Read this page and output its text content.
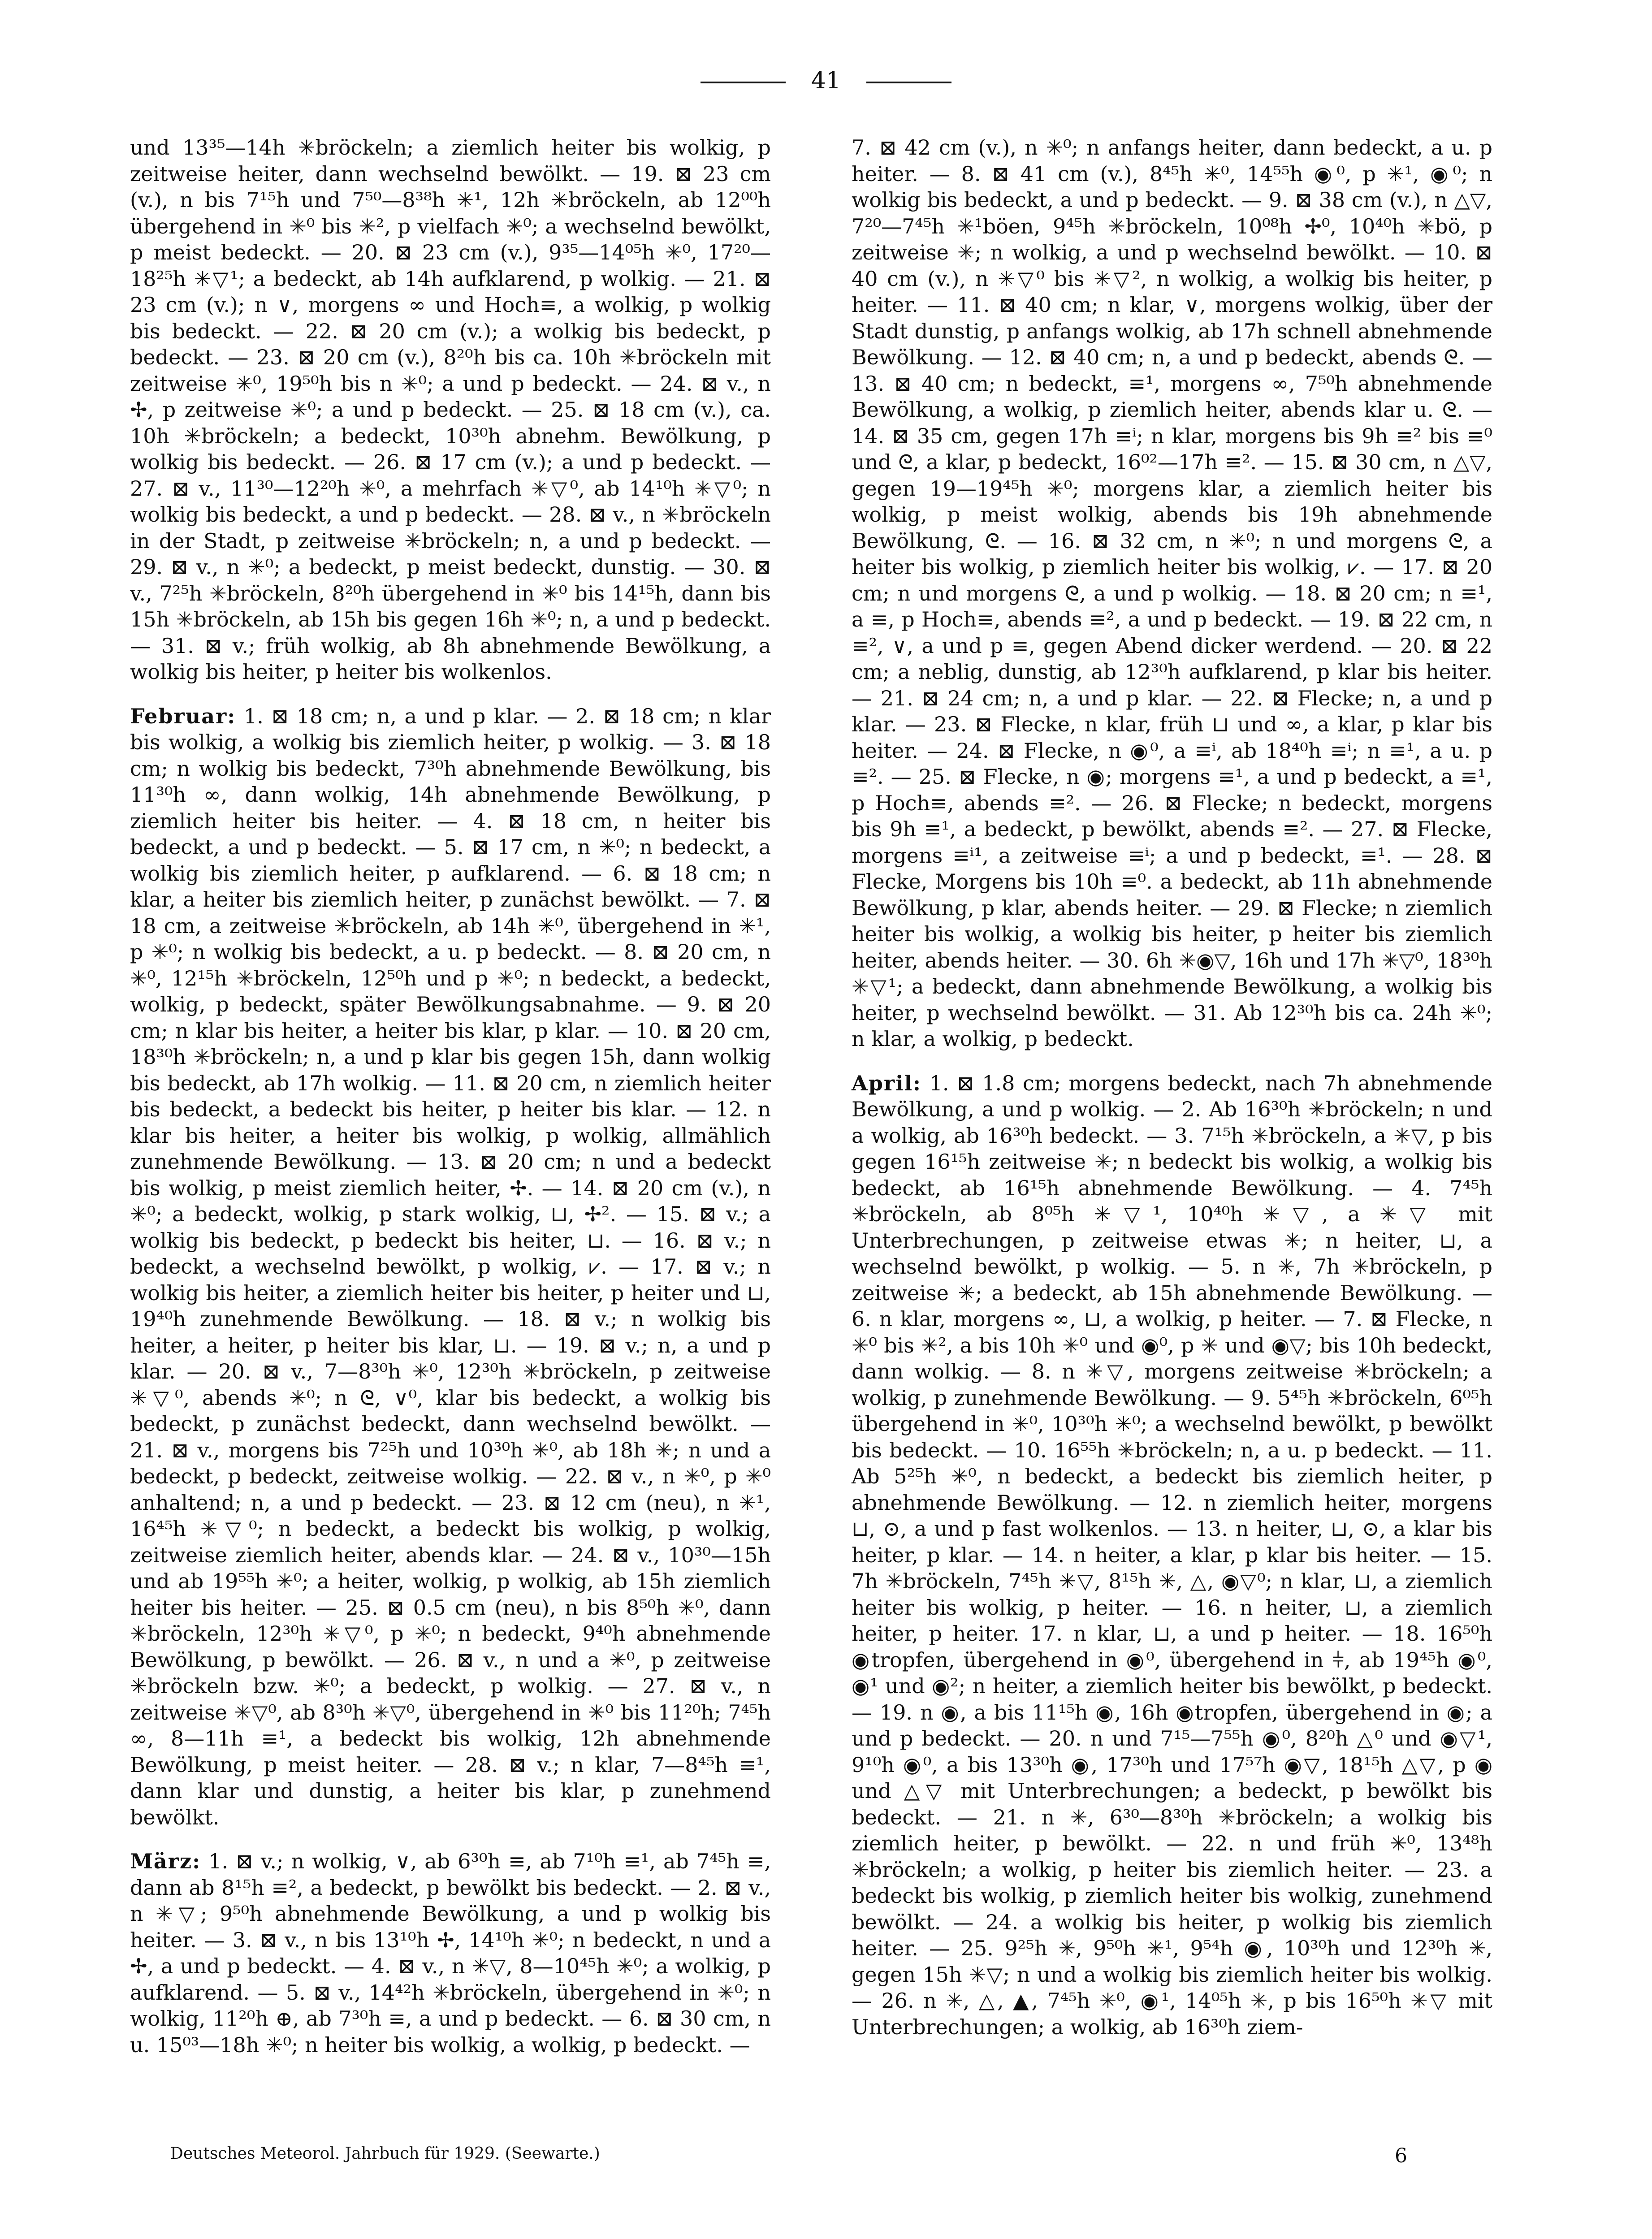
41

und 13³⁵—14h ✳︎bröckeln; a ziemlich heiter bis wolkig, p zeitweise heiter, dann wechselnd bewölkt. — 19. ⊠ 23 cm (v.), n bis 7¹⁵h und 7⁵⁰—8³⁸h ✳︎¹, 12h ✳︎bröckeln, ab 12⁰⁰h übergehend in ✳︎⁰ bis ✳︎², p vielfach ✳︎⁰; a wechselnd bewölkt, p meist bedeckt. — 20. ⊠ 23 cm (v.), 9³⁵—14⁰⁵h ✳︎⁰, 17²⁰—18²⁵h ✳︎▽¹; a bedeckt, ab 14h aufklarend, p wolkig. — 21. ⊠ 23 cm (v.); n ∨, morgens ∞ und Hoch≡, a wolkig, p wolkig bis bedeckt. — 22. ⊠ 20 cm (v.); a wolkig bis bedeckt, p bedeckt. — 23. ⊠ 20 cm (v.), 8²⁰h bis ca. 10h ✳︎bröckeln mit zeitweise ✳︎⁰, 19⁵⁰h bis n ✳︎⁰; a und p bedeckt. — 24. ⊠ v., n ✢, p zeitweise ✳︎⁰; a und p bedeckt. — 25. ⊠ 18 cm (v.), ca. 10h ✳︎bröckeln; a bedeckt, 10³⁰h abnehm. Bewölkung, p wolkig bis bedeckt. — 26. ⊠ 17 cm (v.); a und p bedeckt. — 27. ⊠ v., 11³⁰—12²⁰h ✳︎⁰, a mehrfach ✳︎▽⁰, ab 14¹⁰h ✳︎▽⁰; n wolkig bis bedeckt, a und p bedeckt. — 28. ⊠ v., n ✳︎bröckeln in der Stadt, p zeitweise ✳︎bröckeln; n, a und p bedeckt. — 29. ⊠ v., n ✳︎⁰; a bedeckt, p meist bedeckt, dunstig. — 30. ⊠ v., 7²⁵h ✳︎bröckeln, 8²⁰h übergehend in ✳︎⁰ bis 14¹⁵h, dann bis 15h ✳︎bröckeln, ab 15h bis gegen 16h ✳︎⁰; n, a und p bedeckt. — 31. ⊠ v.; früh wolkig, ab 8h abnehmende Bewölkung, a wolkig bis heiter, p heiter bis wolkenlos.

Februar: 1. ⊠ 18 cm; n, a und p klar. — 2. ⊠ 18 cm; n klar bis wolkig, a wolkig bis ziemlich heiter, p wolkig. — 3. ⊠ 18 cm; n wolkig bis bedeckt, 7³⁰h abnehmende Bewölkung, bis 11³⁰h ∞, dann wolkig, 14h abnehmende Bewölkung, p ziemlich heiter bis heiter. — 4. ⊠ 18 cm, n heiter bis bedeckt, a und p bedeckt. — 5. ⊠ 17 cm, n ✳︎⁰; n bedeckt, a wolkig bis ziemlich heiter, p aufklarend. — 6. ⊠ 18 cm; n klar, a heiter bis ziemlich heiter, p zunächst bewölkt. — 7. ⊠ 18 cm, a zeitweise ✳︎bröckeln, ab 14h ✳︎⁰, übergehend in ✳︎¹, p ✳︎⁰; n wolkig bis bedeckt, a u. p bedeckt. — 8. ⊠ 20 cm, n ✳︎⁰, 12¹⁵h ✳︎bröckeln, 12⁵⁰h und p ✳︎⁰; n bedeckt, a bedeckt, wolkig, p bedeckt, später Bewölkungsabnahme. — 9. ⊠ 20 cm; n klar bis heiter, a heiter bis klar, p klar. — 10. ⊠ 20 cm, 18³⁰h ✳︎bröckeln; n, a und p klar bis gegen 15h, dann wolkig bis bedeckt, ab 17h wolkig. — 11. ⊠ 20 cm, n ziemlich heiter bis bedeckt, a bedeckt bis heiter, p heiter bis klar. — 12. n klar bis heiter, a heiter bis wolkig, p wolkig, allmählich zunehmende Bewölkung. — 13. ⊠ 20 cm; n und a bedeckt bis wolkig, p meist ziemlich heiter, ✢. — 14. ⊠ 20 cm (v.), n ✳︎⁰; a bedeckt, wolkig, p stark wolkig, ⊔, ✢². — 15. ⊠ v.; a wolkig bis bedeckt, p bedeckt bis heiter, ⊔. — 16. ⊠ v.; n bedeckt, a wechselnd bewölkt, p wolkig, ⩗. — 17. ⊠ v.; n wolkig bis heiter, a ziemlich heiter bis heiter, p heiter und ⊔, 19⁴⁰h zunehmende Bewölkung. — 18. ⊠ v.; n wolkig bis heiter, a heiter, p heiter bis klar, ⊔. — 19. ⊠ v.; n, a und p klar. — 20. ⊠ v., 7—8³⁰h ✳︎⁰, 12³⁰h ✳︎bröckeln, p zeitweise ✳︎▽⁰, abends ✳︎⁰; n ᘓ, ∨⁰, klar bis bedeckt, a wolkig bis bedeckt, p zunächst bedeckt, dann wechselnd bewölkt. — 21. ⊠ v., morgens bis 7²⁵h und 10³⁰h ✳︎⁰, ab 18h ✳︎; n und a bedeckt, p bedeckt, zeitweise wolkig. — 22. ⊠ v., n ✳︎⁰, p ✳︎⁰ anhaltend; n, a und p bedeckt. — 23. ⊠ 12 cm (neu), n ✳︎¹, 16⁴⁵h ✳︎▽⁰; n bedeckt, a bedeckt bis wolkig, p wolkig, zeitweise ziemlich heiter, abends klar. — 24. ⊠ v., 10³⁰—15h und ab 19⁵⁵h ✳︎⁰; a heiter, wolkig, p wolkig, ab 15h ziemlich heiter bis heiter. — 25. ⊠ 0.5 cm (neu), n bis 8⁵⁰h ✳︎⁰, dann ✳︎bröckeln, 12³⁰h ✳︎▽⁰, p ✳︎⁰; n bedeckt, 9⁴⁰h abnehmende Bewölkung, p bewölkt. — 26. ⊠ v., n und a ✳︎⁰, p zeitweise ✳︎bröckeln bzw. ✳︎⁰; a bedeckt, p wolkig. — 27. ⊠ v., n zeitweise ✳︎▽⁰, ab 8³⁰h ✳︎▽⁰, übergehend in ✳︎⁰ bis 11²⁰h; 7⁴⁵h ∞, 8—11h ≡¹, a bedeckt bis wolkig, 12h abnehmende Bewölkung, p meist heiter. — 28. ⊠ v.; n klar, 7—8⁴⁵h ≡¹, dann klar und dunstig, a heiter bis klar, p zunehmend bewölkt.

März: 1. ⊠ v.; n wolkig, ∨, ab 6³⁰h ≡, ab 7¹⁰h ≡¹, ab 7⁴⁵h ≡, dann ab 8¹⁵h ≡², a bedeckt, p bewölkt bis bedeckt. — 2. ⊠ v., n ✳︎▽; 9⁵⁰h abnehmende Bewölkung, a und p wolkig bis heiter. — 3. ⊠ v., n bis 13¹⁰h ✢, 14¹⁰h ✳︎⁰; n bedeckt, n und a ✢, a und p bedeckt. — 4. ⊠ v., n ✳︎▽, 8—10⁴⁵h ✳︎⁰; a wolkig, p aufklarend. — 5. ⊠ v., 14⁴²h ✳︎bröckeln, übergehend in ✳︎⁰; n wolkig, 11²⁰h ⊕, ab 7³⁰h ≡, a und p bedeckt. — 6. ⊠ 30 cm, n u. 15⁰³—18h ✳︎⁰; n heiter bis wolkig, a wolkig, p bedeckt. —

7. ⊠ 42 cm (v.), n ✳︎⁰; n anfangs heiter, dann bedeckt, a u. p heiter. — 8. ⊠ 41 cm (v.), 8⁴⁵h ✳︎⁰, 14⁵⁵h ◉⁰, p ✳︎¹, ◉⁰; n wolkig bis bedeckt, a und p bedeckt. — 9. ⊠ 38 cm (v.), n △▽, 7²⁰—7⁴⁵h ✳︎¹böen, 9⁴⁵h ✳︎bröckeln, 10⁰⁸h ✢⁰, 10⁴⁰h ✳︎bö, p zeitweise ✳︎; n wolkig, a und p wechselnd bewölkt. — 10. ⊠ 40 cm (v.), n ✳︎▽⁰ bis ✳︎▽², n wolkig, a wolkig bis heiter, p heiter. — 11. ⊠ 40 cm; n klar, ∨, morgens wolkig, über der Stadt dunstig, p anfangs wolkig, ab 17h schnell abnehmende Bewölkung. — 12. ⊠ 40 cm; n, a und p bedeckt, abends ᘓ. — 13. ⊠ 40 cm; n bedeckt, ≡¹, morgens ∞, 7⁵⁰h abnehmende Bewölkung, a wolkig, p ziemlich heiter, abends klar u. ᘓ. — 14. ⊠ 35 cm, gegen 17h ≡ⁱ; n klar, morgens bis 9h ≡² bis ≡⁰ und ᘓ, a klar, p bedeckt, 16⁰²—17h ≡². — 15. ⊠ 30 cm, n △▽, gegen 19—19⁴⁵h ✳︎⁰; morgens klar, a ziemlich heiter bis wolkig, p meist wolkig, abends bis 19h abnehmende Bewölkung, ᘓ. — 16. ⊠ 32 cm, n ✳︎⁰; n und morgens ᘓ, a heiter bis wolkig, p ziemlich heiter bis wolkig, ⩗. — 17. ⊠ 20 cm; n und morgens ᘓ, a und p wolkig. — 18. ⊠ 20 cm; n ≡¹, a ≡, p Hoch≡, abends ≡², a und p bedeckt. — 19. ⊠ 22 cm, n ≡², ∨, a und p ≡, gegen Abend dicker werdend. — 20. ⊠ 22 cm; a neblig, dunstig, ab 12³⁰h aufklarend, p klar bis heiter. — 21. ⊠ 24 cm; n, a und p klar. — 22. ⊠ Flecke; n, a und p klar. — 23. ⊠ Flecke, n klar, früh ⊔ und ∞, a klar, p klar bis heiter. — 24. ⊠ Flecke, n ◉⁰, a ≡ⁱ, ab 18⁴⁰h ≡ⁱ; n ≡¹, a u. p ≡². — 25. ⊠ Flecke, n ◉; morgens ≡¹, a und p bedeckt, a ≡¹, p Hoch≡, abends ≡². — 26. ⊠ Flecke; n bedeckt, morgens bis 9h ≡¹, a bedeckt, p bewölkt, abends ≡². — 27. ⊠ Flecke, morgens ≡ⁱ¹, a zeitweise ≡ⁱ; a und p bedeckt, ≡¹. — 28. ⊠ Flecke, Morgens bis 10h ≡⁰. a bedeckt, ab 11h abnehmende Bewölkung, p klar, abends heiter. — 29. ⊠ Flecke; n ziemlich heiter bis wolkig, a wolkig bis heiter, p heiter bis ziemlich heiter, abends heiter. — 30. 6h ✳︎◉▽, 16h und 17h ✳︎▽⁰, 18³⁰h ✳︎▽¹; a bedeckt, dann abnehmende Bewölkung, a wolkig bis heiter, p wechselnd bewölkt. — 31. Ab 12³⁰h bis ca. 24h ✳︎⁰; n klar, a wolkig, p bedeckt.

April: 1. ⊠ 1.8 cm; morgens bedeckt, nach 7h abnehmende Bewölkung, a und p wolkig. — 2. Ab 16³⁰h ✳︎bröckeln; n und a wolkig, ab 16³⁰h bedeckt. — 3. 7¹⁵h ✳︎bröckeln, a ✳︎▽, p bis gegen 16¹⁵h zeitweise ✳︎; n bedeckt bis wolkig, a wolkig bis bedeckt, ab 16¹⁵h abnehmende Bewölkung. — 4. 7⁴⁵h ✳︎bröckeln, ab 8⁰⁵h ✳︎▽¹, 10⁴⁰h ✳︎▽, a ✳︎▽ mit Unterbrechungen, p zeitweise etwas ✳︎; n heiter, ⊔, a wechselnd bewölkt, p wolkig. — 5. n ✳︎, 7h ✳︎bröckeln, p zeitweise ✳︎; a bedeckt, ab 15h abnehmende Bewölkung. — 6. n klar, morgens ∞, ⊔, a wolkig, p heiter. — 7. ⊠ Flecke, n ✳︎⁰ bis ✳︎², a bis 10h ✳︎⁰ und ◉⁰, p ✳︎ und ◉▽; bis 10h bedeckt, dann wolkig. — 8. n ✳︎▽, morgens zeitweise ✳︎bröckeln; a wolkig, p zunehmende Bewölkung. — 9. 5⁴⁵h ✳︎bröckeln, 6⁰⁵h übergehend in ✳︎⁰, 10³⁰h ✳︎⁰; a wechselnd bewölkt, p bewölkt bis bedeckt. — 10. 16⁵⁵h ✳︎bröckeln; n, a u. p bedeckt. — 11. Ab 5²⁵h ✳︎⁰, n bedeckt, a bedeckt bis ziemlich heiter, p abnehmende Bewölkung. — 12. n ziemlich heiter, morgens ⊔, ⊙, a und p fast wolkenlos. — 13. n heiter, ⊔, ⊙, a klar bis heiter, p klar. — 14. n heiter, a klar, p klar bis heiter. — 15. 7h ✳︎bröckeln, 7⁴⁵h ✳︎▽, 8¹⁵h ✳︎, △, ◉▽⁰; n klar, ⊔, a ziemlich heiter bis wolkig, p heiter. — 16. n heiter, ⊔, a ziemlich heiter, p heiter. 17. n klar, ⊔, a und p heiter. — 18. 16⁵⁰h ◉tropfen, übergehend in ◉⁰, übergehend in ⫩, ab 19⁴⁵h ◉⁰, ◉¹ und ◉²; n heiter, a ziemlich heiter bis bewölkt, p bedeckt. — 19. n ◉, a bis 11¹⁵h ◉, 16h ◉tropfen, übergehend in ◉; a und p bedeckt. — 20. n und 7¹⁵—7⁵⁵h ◉⁰, 8²⁰h △⁰ und ◉▽¹, 9¹⁰h ◉⁰, a bis 13³⁰h ◉, 17³⁰h und 17⁵⁷h ◉▽, 18¹⁵h △▽, p ◉ und △▽ mit Unterbrechungen; a bedeckt, p bewölkt bis bedeckt. — 21. n ✳︎, 6³⁰—8³⁰h ✳︎bröckeln; a wolkig bis ziemlich heiter, p bewölkt. — 22. n und früh ✳︎⁰, 13⁴⁸h ✳︎bröckeln; a wolkig, p heiter bis ziemlich heiter. — 23. a bedeckt bis wolkig, p ziemlich heiter bis wolkig, zunehmend bewölkt. — 24. a wolkig bis heiter, p wolkig bis ziemlich heiter. — 25. 9²⁵h ✳︎, 9⁵⁰h ✳︎¹, 9⁵⁴h ◉, 10³⁰h und 12³⁰h ✳︎, gegen 15h ✳︎▽; n und a wolkig bis ziemlich heiter bis wolkig. — 26. n ✳︎, △, ▲, 7⁴⁵h ✳︎⁰, ◉¹, 14⁰⁵h ✳︎, p bis 16⁵⁰h ✳︎▽ mit Unterbrechungen; a wolkig, ab 16³⁰h ziem-

Deutsches Meteorol. Jahrbuch für 1929. (Seewarte.)	6
